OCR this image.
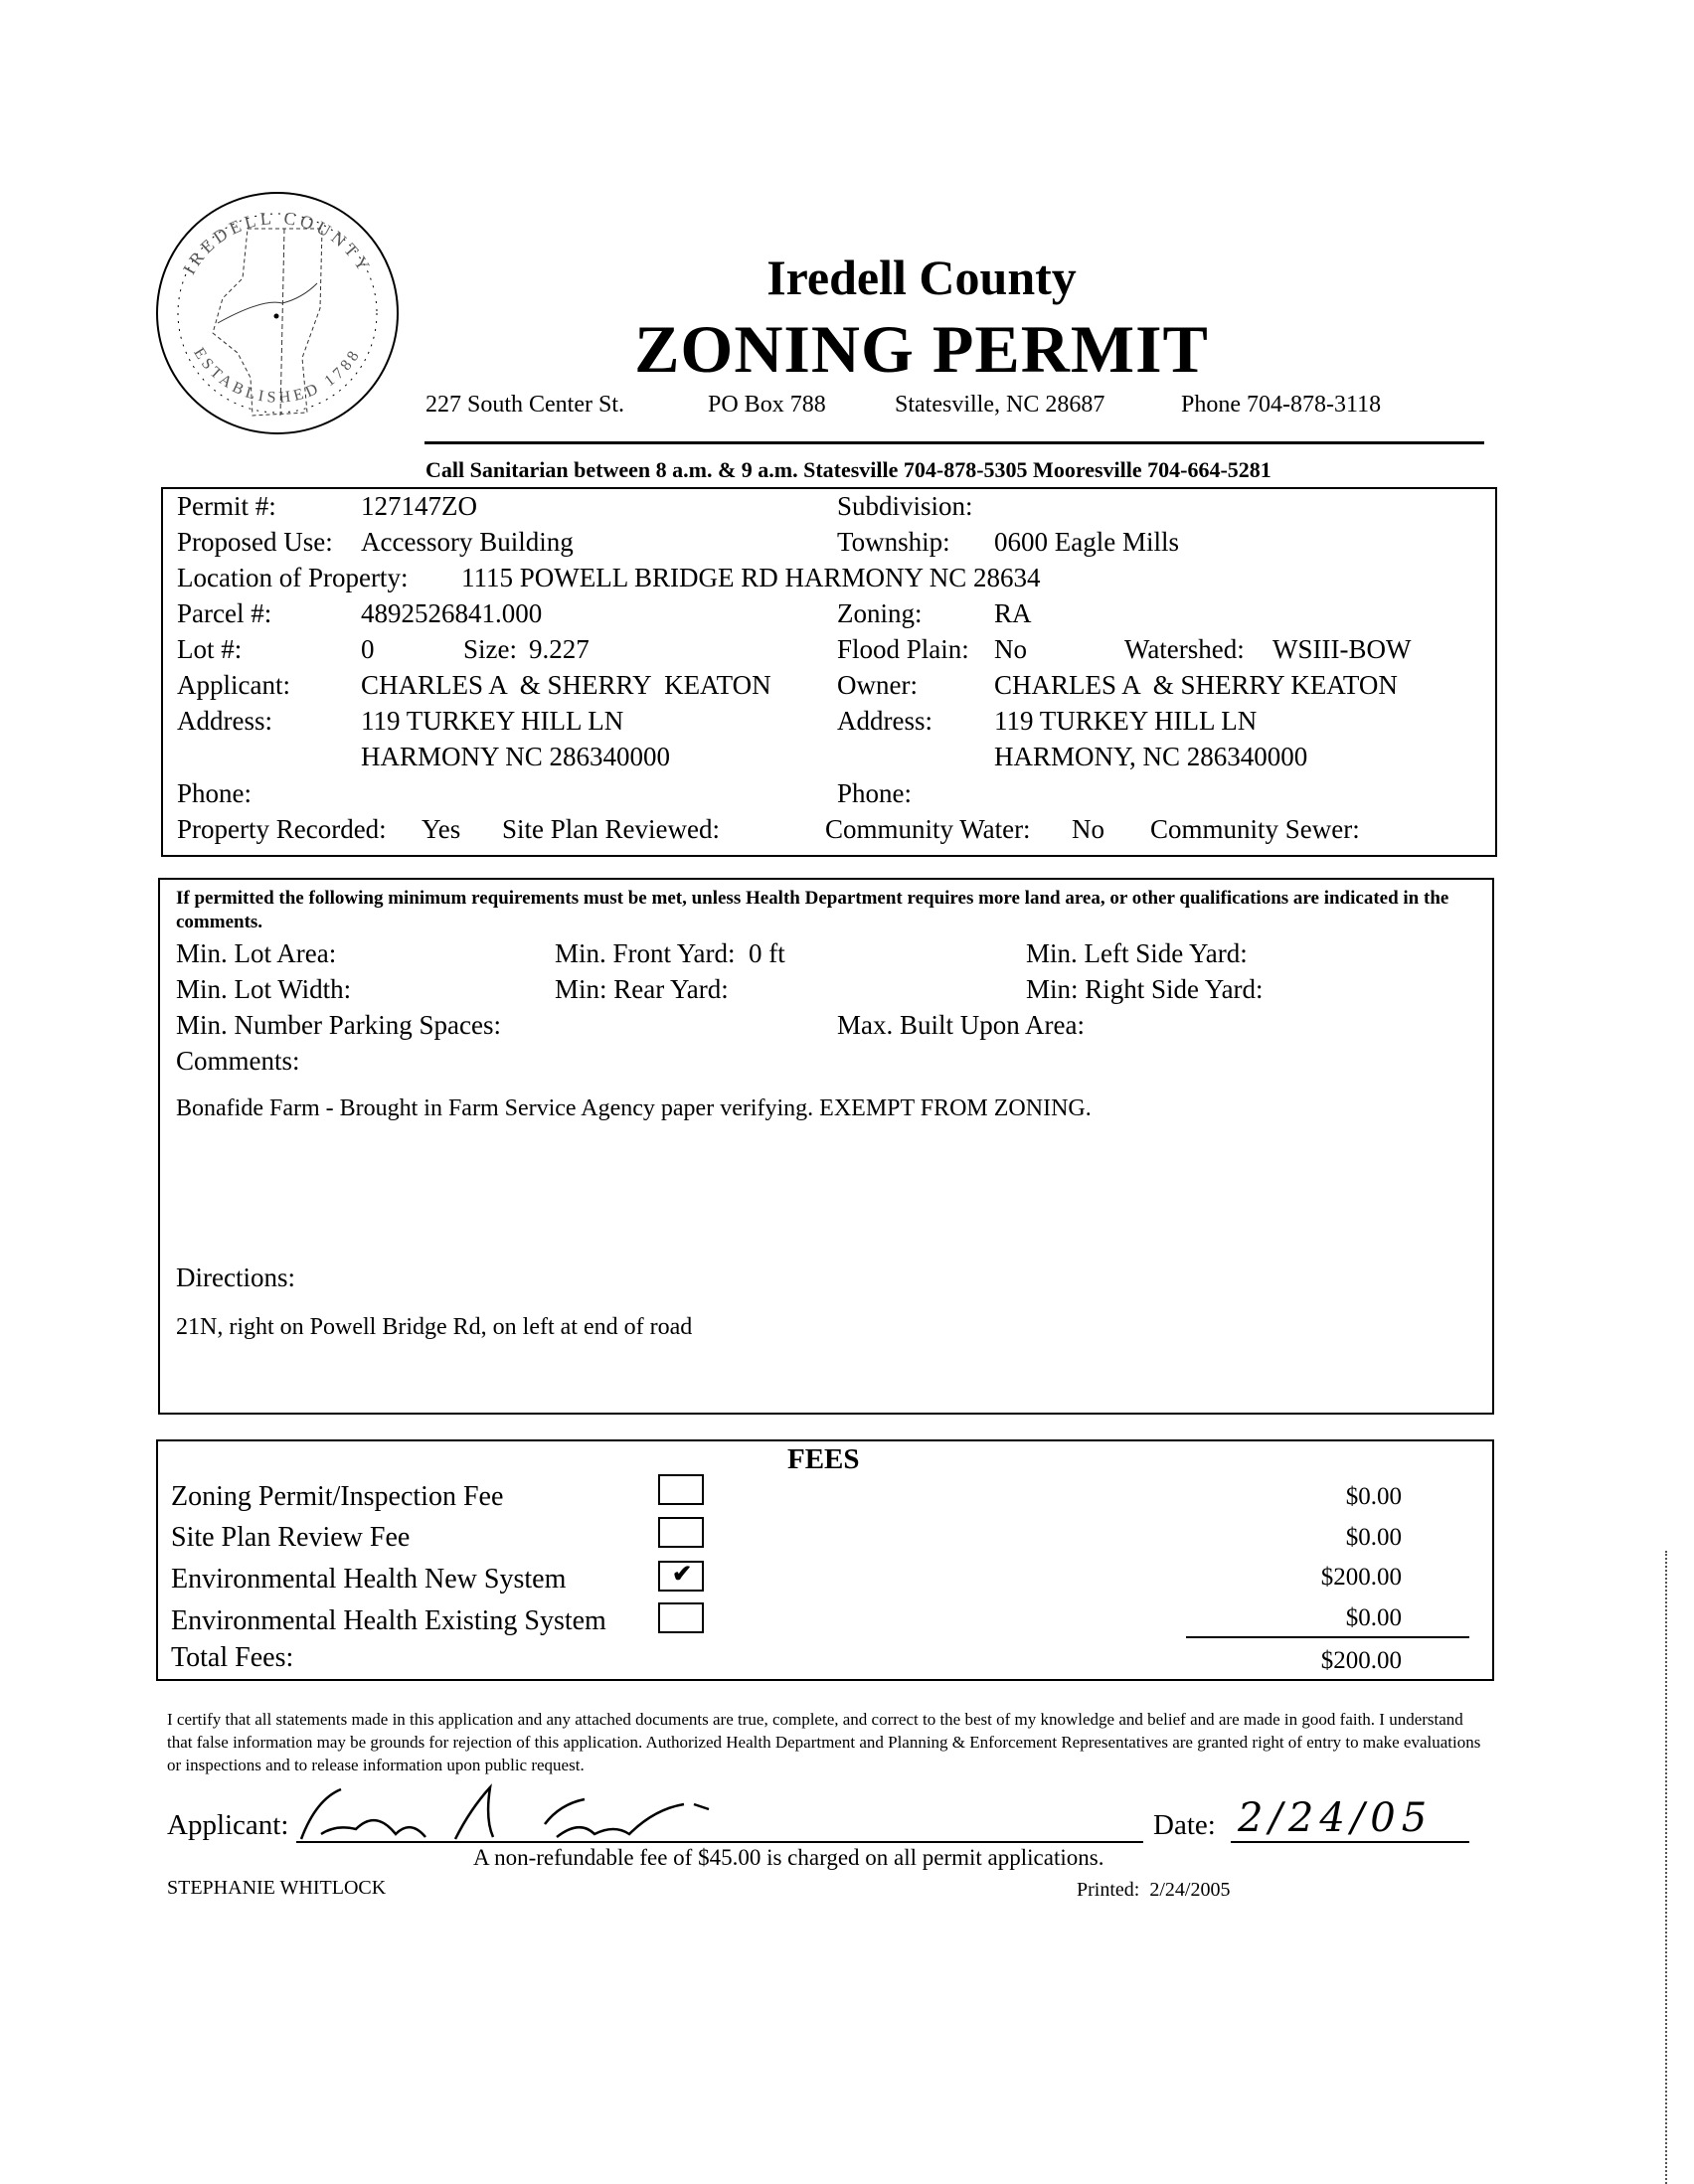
IREDELL COUNTY
ESTABLISHED 1788
Iredell County
ZONING PERMIT
227 South Center St.	PO Box 788	Statesville, NC 28687	Phone 704-878-3118
Call Sanitarian between 8 a.m. & 9 a.m. Statesville 704-878-5305 Mooresville 704-664-5281
Permit #:	127147ZO	Subdivision:
Proposed Use: Accessory Building	Township: 0600 Eagle Mills
Location of Property: 1115 POWELL BRIDGE RD HARMONY NC 28634
Parcel #:	4892526841.000	Zoning:	RA
Lot #:	0	Size: 9.227	Flood Plain: No	Watershed: WSIII-BOW
Applicant:	CHARLES A  & SHERRY  KEATON Owner:	CHARLES A  & SHERRY KEATON
Address:	119 TURKEY HILL LN	Address: 119 TURKEY HILL LN
HARMONY NC 286340000	HARMONY, NC 286340000
Phone:	Phone:
Property Recorded: Yes Site Plan Reviewed:	Community Water: No Community Sewer:
If permitted the following minimum requirements must be met, unless Health Department requires more land area, or other qualifications are indicated in the comments.
Min. Lot Area:	Min. Front Yard:  0 ft	Min. Left Side Yard:
Min. Lot Width:	Min: Rear Yard:	Min: Right Side Yard:
Min. Number Parking Spaces:	Max. Built Upon Area:
Comments:
Bonafide Farm - Brought in Farm Service Agency paper verifying. EXEMPT FROM ZONING.
Directions:
21N, right on Powell Bridge Rd, on left at end of road
FEES
Zoning Permit/Inspection Fee	$0.00
Site Plan Review Fee	$0.00
Environmental Health New System	✔	$200.00
Environmental Health Existing System	$0.00
Total Fees:	$200.00
I certify that all statements made in this application and any attached documents are true, complete, and correct to the best of my knowledge and belief and are made in good faith. I understand that false information may be grounds for rejection of this application. Authorized Health Department and Planning & Enforcement Representatives are granted right of entry to make evaluations or inspections and to release information upon public request.
Applicant:	Date: 2/24/05
A non-refundable fee of $45.00 is charged on all permit applications.
STEPHANIE WHITLOCK	Printed:  2/24/2005
